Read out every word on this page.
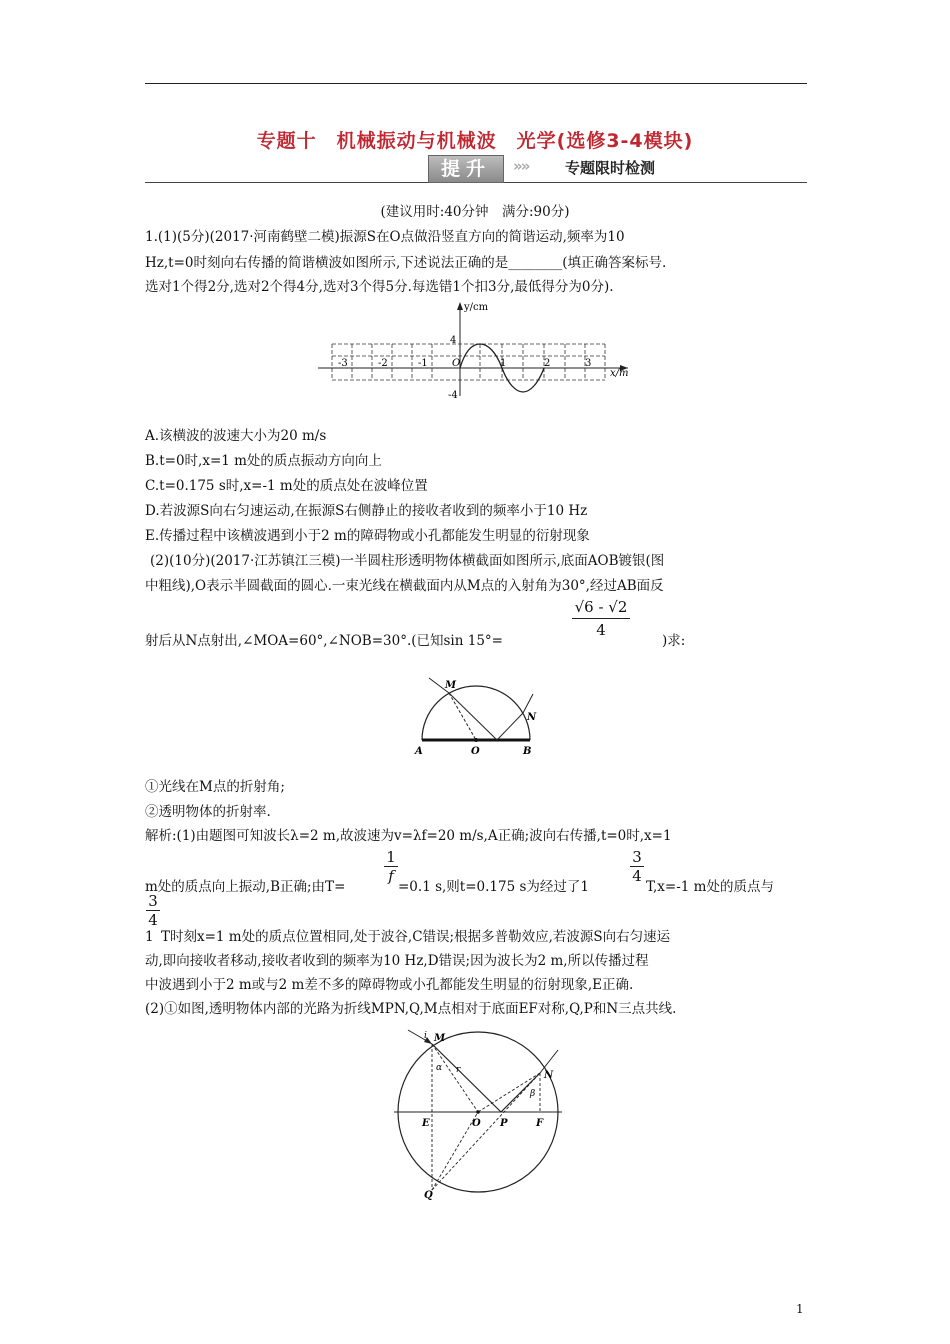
专题十　机械振动与机械波　光学(选修3-4模块)
提升	»» 专题限时检测
(建议用时:40分钟　满分:90分)
1.(1)(5分)(2017·河南鹤壁二模)振源S在O点做沿竖直方向的简谐运动,频率为10
Hz,t=0时刻向右传播的简谐横波如图所示,下述说法正确的是________(填正确答案标号.
选对1个得2分,选对2个得4分,选对3个得5分.每选错1个扣3分,最低得分为0分).
y/cm
x/m
4
-4
-3	-2	-1 O	1	2	3
A.该横波的波速大小为20 m/s
B.t=0时,x=1 m处的质点振动方向向上
C.t=0.175 s时,x=-1 m处的质点处在波峰位置
D.若波源S向右匀速运动,在振源S右侧静止的接收者收到的频率小于10 Hz
E.传播过程中该横波遇到小于2 m的障碍物或小孔都能发生明显的衍射现象
(2)(10分)(2017·江苏镇江三模)一半圆柱形透明物体横截面如图所示,底面AOB镀银(图
中粗线),O表示半圆截面的圆心.一束光线在横截面内从M点的入射角为30°,经过AB面反
射后从N点射出,∠MOA=60°,∠NOB=30°.(已知sin 15°=
√6 - √2
4
)求:
M
N
A	O	B
①光线在M点的折射角;
②透明物体的折射率.
解析:(1)由题图可知波长λ=2 m,故波速为v=λf=20 m/s,A正确;波向右传播,t=0时,x=1
m处的质点向上振动,B正确;由T=
1
f
=0.1 s,则t=0.175 s为经过了1
3
4
T,x=-1 m处的质点与
3
4
1 T时刻x=1 m处的质点位置相同,处于波谷,C错误;根据多普勒效应,若波源S向右匀速运
动,即向接收者移动,接收者收到的频率为10 Hz,D错误;因为波长为2 m,所以传播过程
中波遇到小于2 m或与2 m差不多的障碍物或小孔都能发生明显的衍射现象,E正确.
(2)①如图,透明物体内部的光路为折线MPN,Q,M点相对于底面EF对称,Q,P和N三点共线.
i M
α r	N
β
E	O P	F
Q
1
